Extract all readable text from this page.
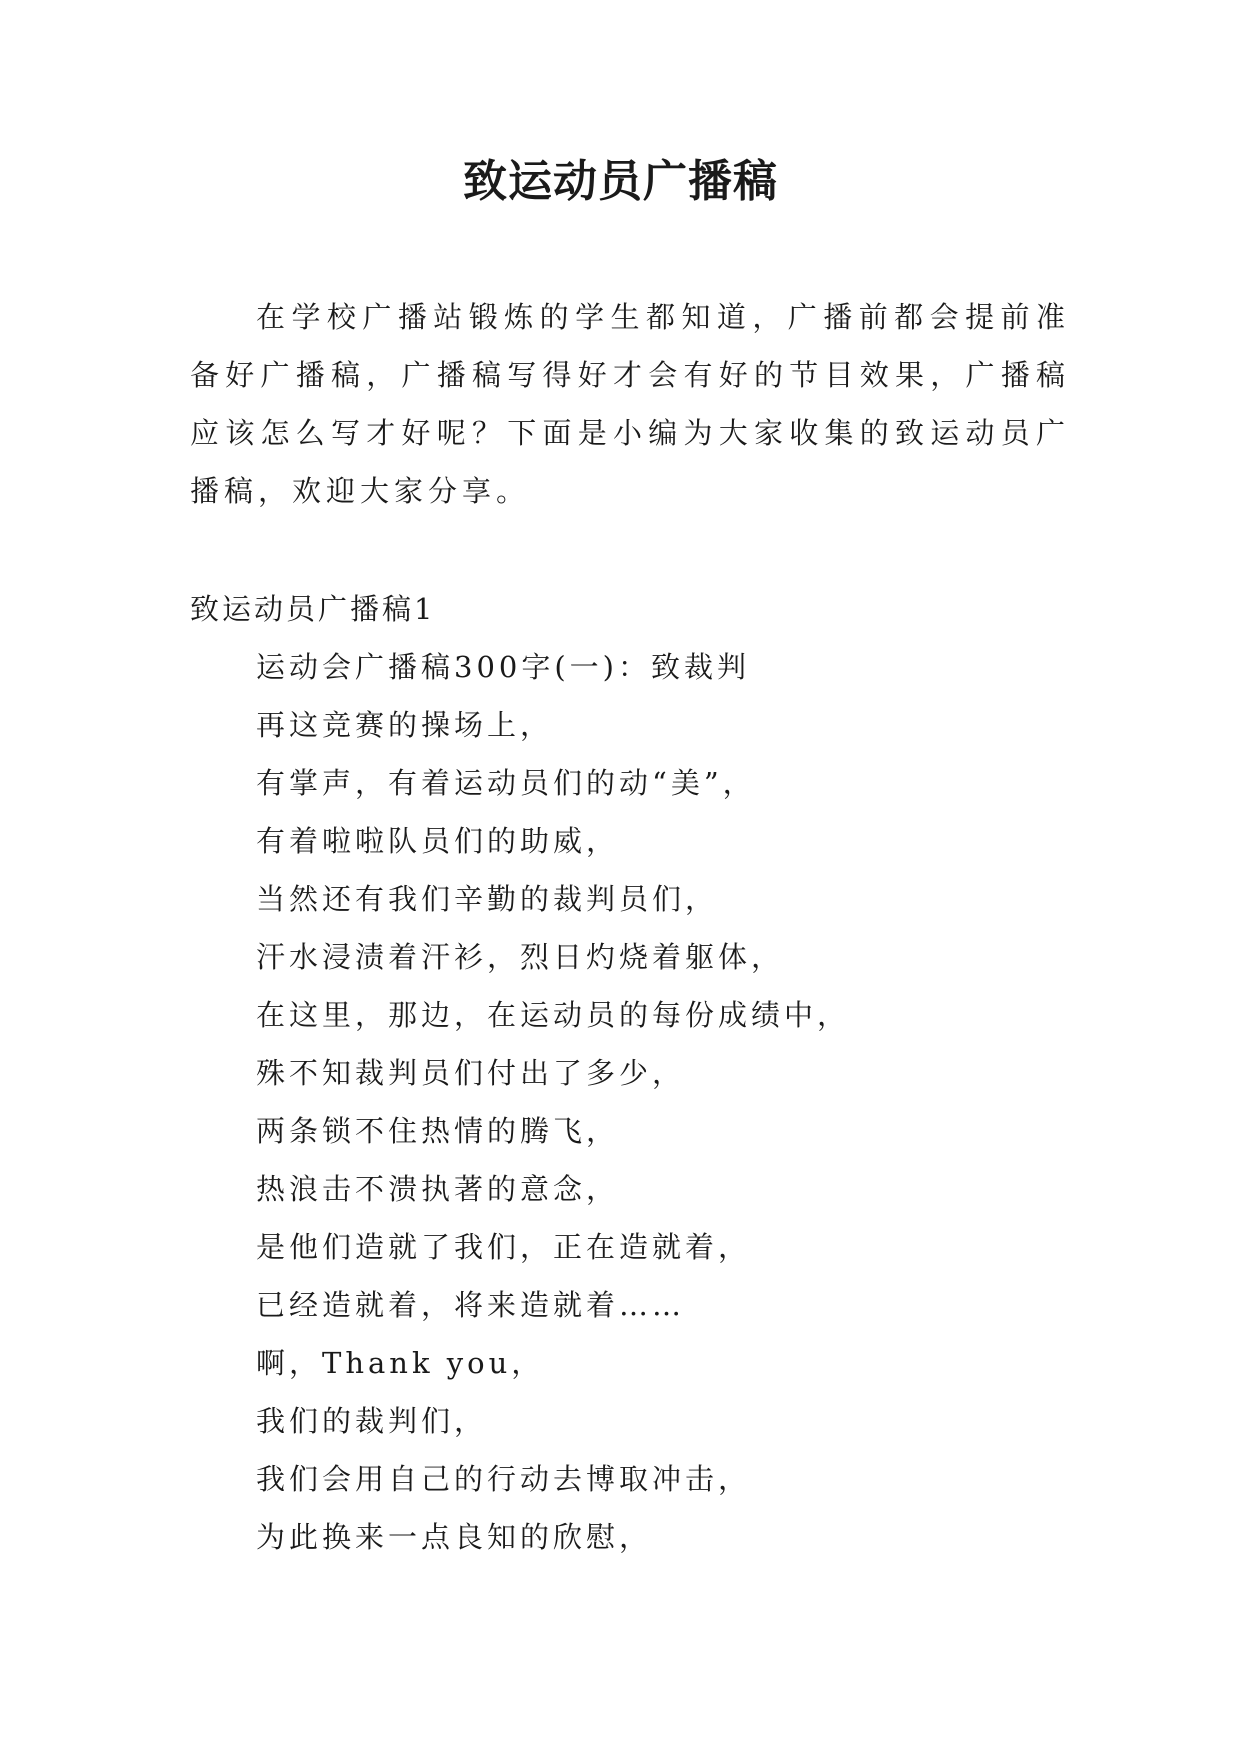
致运动员广播稿

在学校广播站锻炼的学生都知道，广播前都会提前准备好广播稿，广播稿写得好才会有好的节目效果，广播稿应该怎么写才好呢？下面是小编为大家收集的致运动员广播稿，欢迎大家分享。

致运动员广播稿1
运动会广播稿300字(一)：致裁判
再这竞赛的操场上，
有掌声，有着运动员们的动“美”，
有着啦啦队员们的助威，
当然还有我们辛勤的裁判员们，
汗水浸渍着汗衫，烈日灼烧着躯体，
在这里，那边，在运动员的每份成绩中，
殊不知裁判员们付出了多少，
两条锁不住热情的腾飞，
热浪击不溃执著的意念，
是他们造就了我们，正在造就着，
已经造就着，将来造就着……
啊，Thank you，
我们的裁判们，
我们会用自己的行动去博取冲击，
为此换来一点良知的欣慰，
